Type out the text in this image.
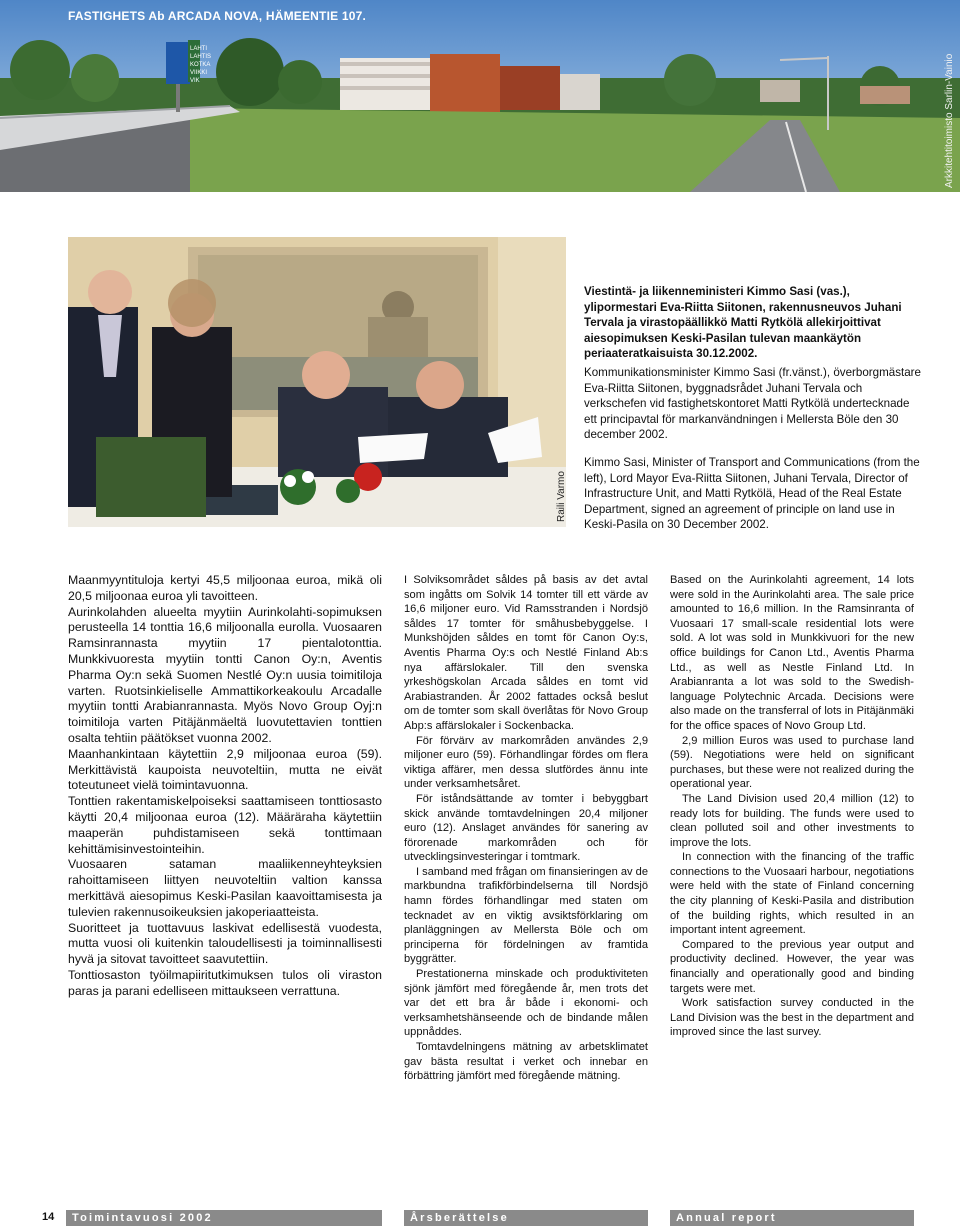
LAHTI
LAHTIS
KOTKA
VIIKKI
VIK
FASTIGHETS Ab ARCADA NOVA, HÄMEENTIE 107.
Arkkitehtitoimisto Sarlin-Vainio
Raili Varmo

Viestintä- ja liikenneministeri Kimmo Sasi (vas.), ylipormestari Eva-Riitta Siitonen, rakennusneuvos Juhani Tervala ja virastopäällikkö Matti Rytkölä allekirjoittivat aiesopimuksen Keski-Pasilan tulevan maankäytön periaateratkaisuista 30.12.2002.

Kommunikationsminister Kimmo Sasi (fr.vänst.), överborgmästare Eva-Riitta Siitonen, byggnadsrådet Juhani Tervala och verkschefen vid fastighetskontoret Matti Rytkölä undertecknade ett principavtal för markanvändningen i Mellersta Böle den 30 december 2002.

Kimmo Sasi, Minister of Transport and Communications (from the left), Lord Mayor Eva-Riitta Siitonen, Juhani Tervala, Director of Infrastructure Unit, and Matti Rytkölä, Head of the Real Estate Department, signed an agreement of principle on land use in Keski-Pasila on 30 December 2002.

Maanmyyntituloja kertyi 45,5 miljoonaa euroa, mikä oli 20,5 miljoonaa euroa yli tavoitteen.

Aurinkolahden alueelta myytiin Aurinkolahti-sopimuksen perusteella 14 tonttia 16,6 miljoonalla eurolla. Vuosaaren Ramsinrannasta myytiin 17 pientalotonttia. Munkkivuoresta myytiin tontti Canon Oy:n, Aventis Pharma Oy:n sekä Suomen Nestlé Oy:n uusia toimitiloja varten. Ruotsinkieliselle Ammattikorkeakoulu Arcadalle myytiin tontti Arabianrannasta. Myös Novo Group Oyj:n toimitiloja varten Pitäjänmäeltä luovutettavien tonttien osalta tehtiin päätökset vuonna 2002.

Maanhankintaan käytettiin 2,9 miljoonaa euroa (59). Merkittävistä kaupoista neuvoteltiin, mutta ne eivät toteutuneet vielä toimintavuonna.

Tonttien rakentamiskelpoiseksi saattamiseen tonttiosasto käytti 20,4 miljoonaa euroa (12). Määräraha käytettiin maaperän puhdistamiseen sekä tonttimaan kehittämisinvestointeihin.

Vuosaaren sataman maaliikenneyhteyksien rahoittamiseen liittyen neuvoteltiin valtion kanssa merkittävä aiesopimus Keski-Pasilan kaavoittamisesta ja tulevien rakennusoikeuksien jakoperiaatteista.

Suoritteet ja tuottavuus laskivat edellisestä vuodesta, mutta vuosi oli kuitenkin taloudellisesti ja toiminnallisesti hyvä ja sitovat tavoitteet saavutettiin.

Tonttiosaston työilmapiiritutkimuksen tulos oli viraston paras ja parani edelliseen mittaukseen verrattuna.

I Solviksområdet såldes på basis av det avtal som ingåtts om Solvik 14 tomter till ett värde av 16,6 miljoner euro. Vid Ramsstranden i Nordsjö såldes 17 tomter för småhusbebyggelse. I Munkshöjden såldes en tomt för Canon Oy:s, Aventis Pharma Oy:s och Nestlé Finland Ab:s nya affärslokaler. Till den svenska yrkeshögskolan Arcada såldes en tomt vid Arabiastranden. År 2002 fattades också beslut om de tomter som skall överlåtas för Novo Group Abp:s affärslokaler i Sockenbacka.

För förvärv av markområden användes 2,9 miljoner euro (59). Förhandlingar fördes om flera viktiga affärer, men dessa slutfördes ännu inte under verksamhetsåret.

För iståndsättande av tomter i bebyggbart skick använde tomtavdelningen 20,4 miljoner euro (12). Anslaget användes för sanering av förorenade markområden och för utvecklingsinvesteringar i tomtmark.

I samband med frågan om finansieringen av de markbundna trafikförbindelserna till Nordsjö hamn fördes förhandlingar med staten om tecknadet av en viktig avsiktsförklaring om planläggningen av Mellersta Böle och om principerna för fördelningen av framtida byggrätter.

Prestationerna minskade och produktiviteten sjönk jämfört med föregående år, men trots det var det ett bra år både i ekonomi- och verksamhetshänseende och de bindande målen uppnåddes.

Tomtavdelningens mätning av arbetsklimatet gav bästa resultat i verket och innebar en förbättring jämfört med föregående mätning.

Based on the Aurinkolahti agreement, 14 lots were sold in the Aurinkolahti area. The sale price amounted to 16,6 million. In the Ramsinranta of Vuosaari 17 small-scale residential lots were sold. A lot was sold in Munkkivuori for the new office buildings for Canon Ltd., Aventis Pharma Ltd., as well as Nestle Finland Ltd. In Arabianranta a lot was sold to the Swedish-language Polytechnic Arcada. Decisions were also made on the transferral of lots in Pitäjänmäki for the office spaces of Novo Group Ltd.

2,9 million Euros was used to purchase land (59). Negotiations were held on significant purchases, but these were not realized during the operational year.

The Land Division used 20,4 million (12) to ready lots for building. The funds were used to clean polluted soil and other investments to improve the lots.

In connection with the financing of the traffic connections to the Vuosaari harbour, negotiations were held with the state of Finland concerning the city planning of Keski-Pasila and distribution of the building rights, which resulted in an important intent agreement.

Compared to the previous year output and productivity declined. However, the year was financially and operationally good and binding targets were met.

Work satisfaction survey conducted in the Land Division was the best in the department and improved since the last survey.

14	Toimintavuosi 2002	Årsberättelse	Annual report
